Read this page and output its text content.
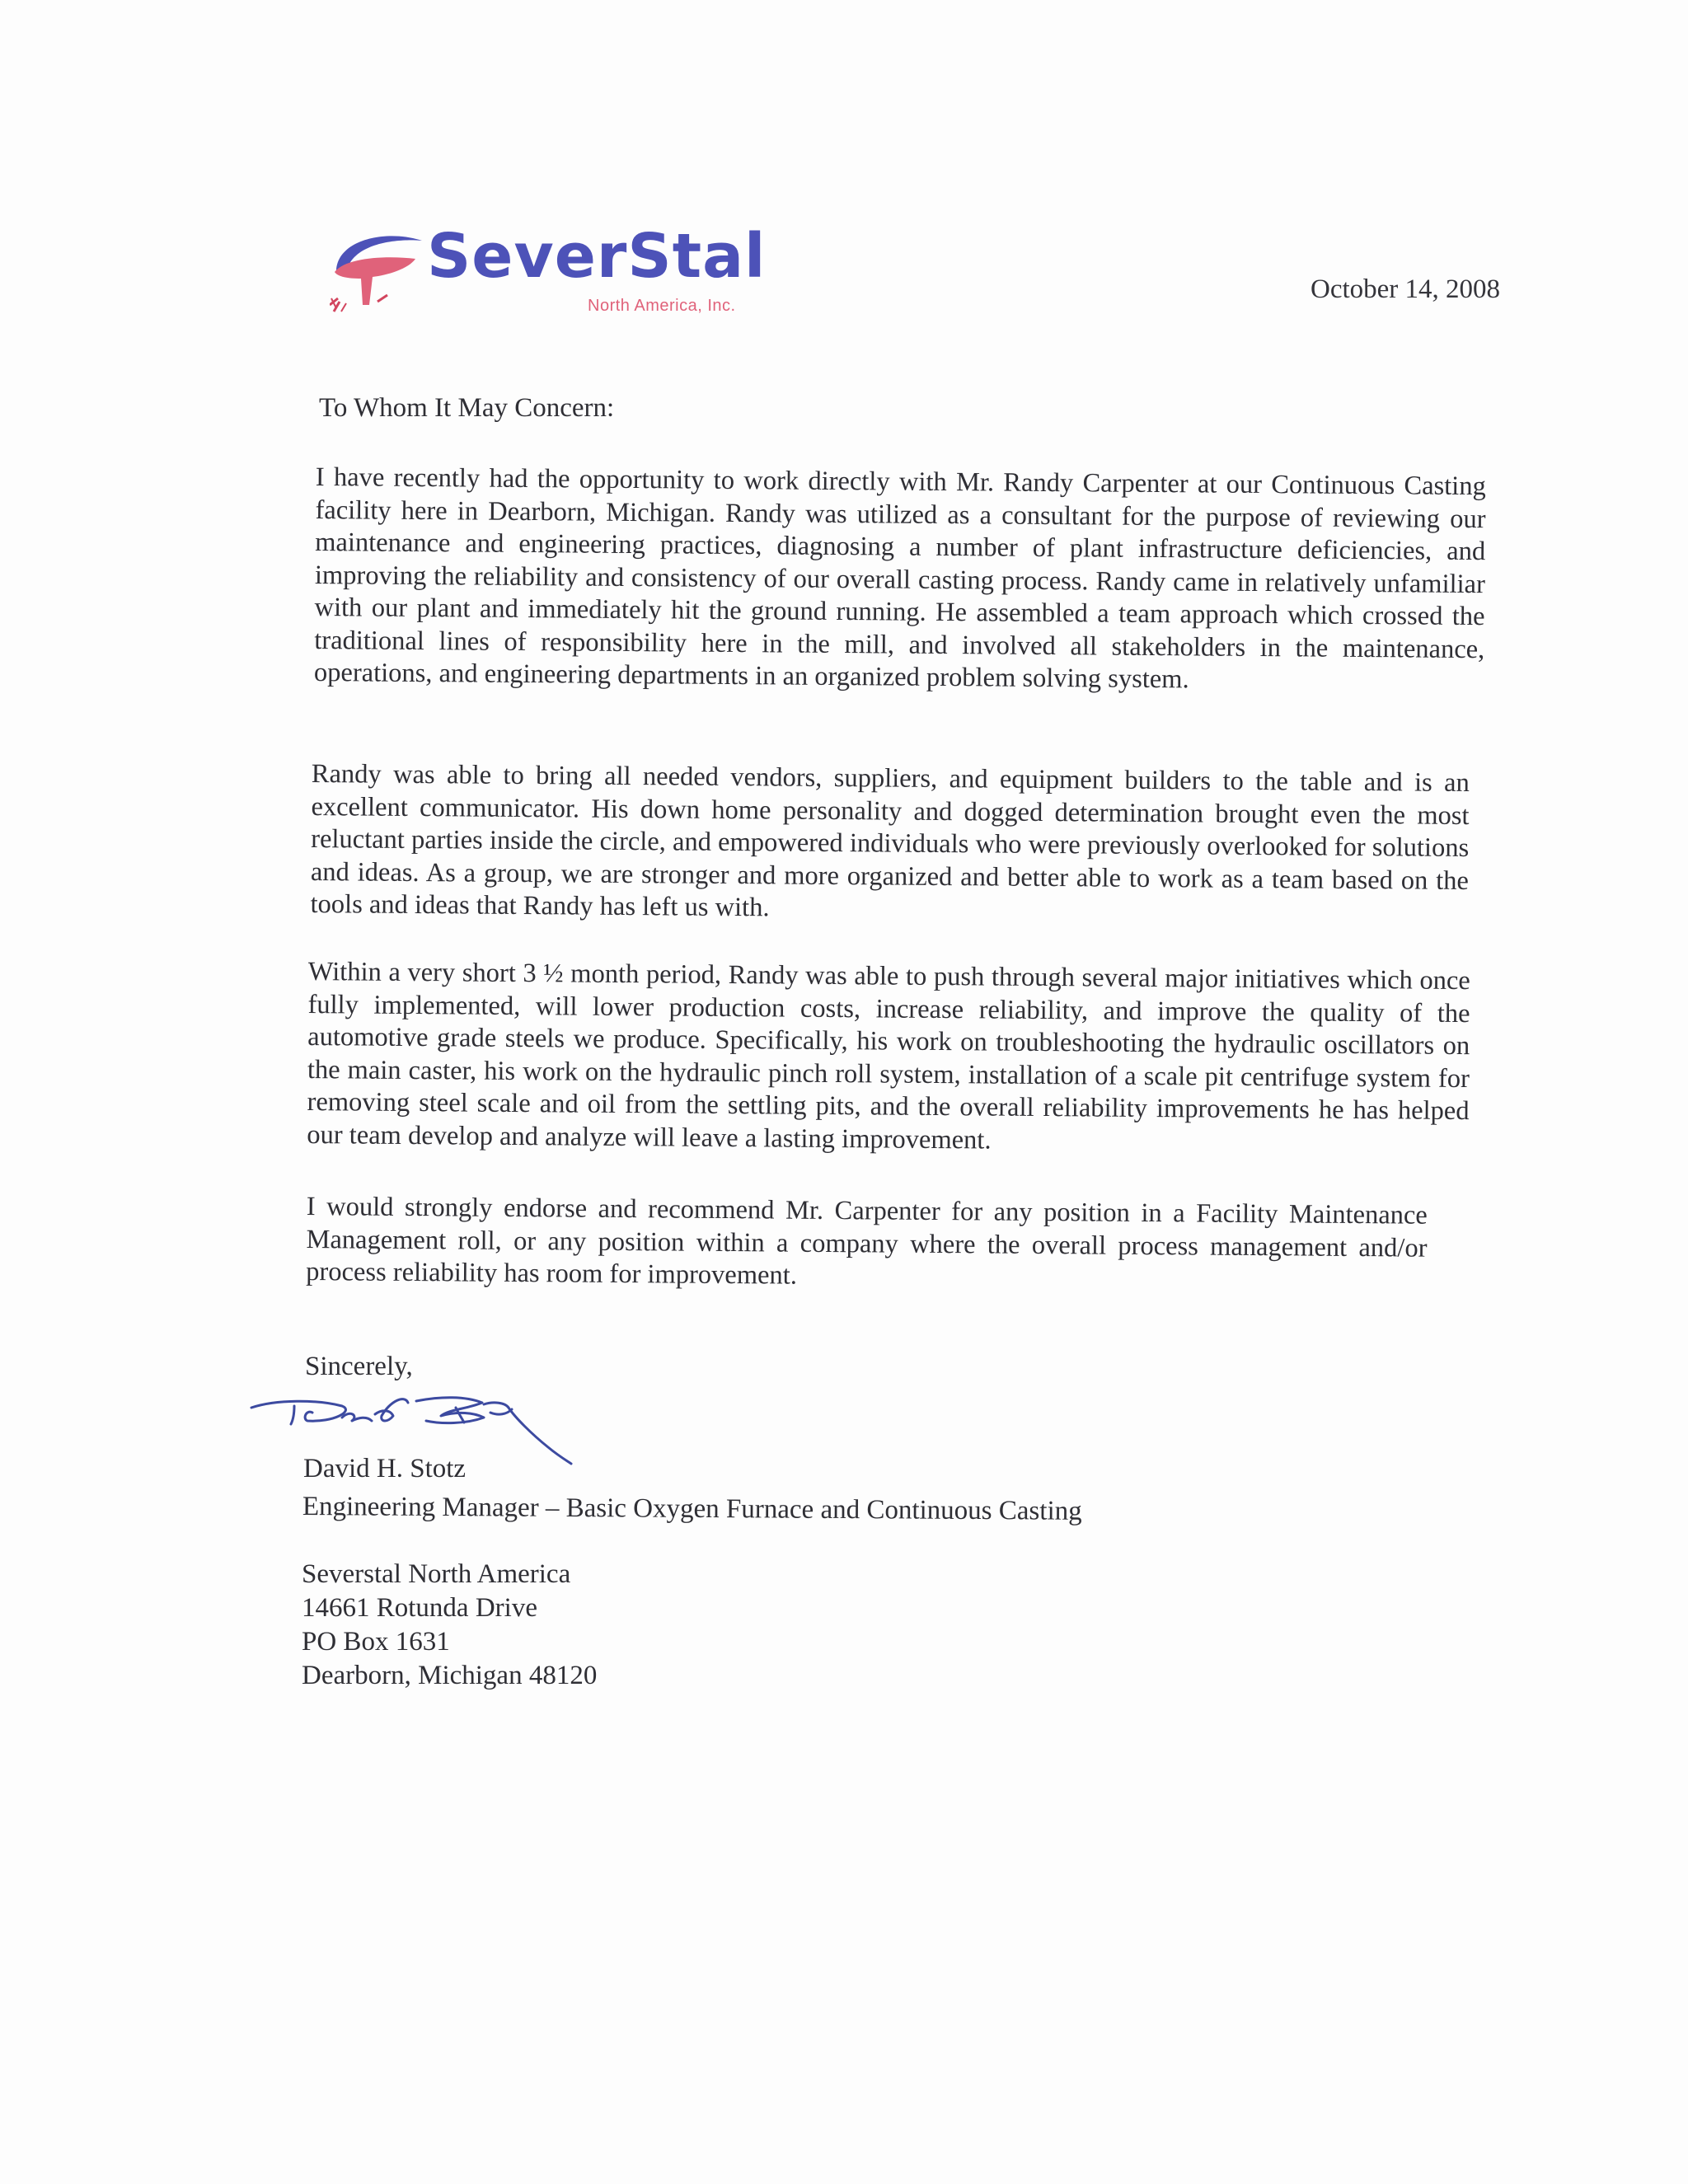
SeverStal
North America, Inc.
October 14, 2008
To Whom It May Concern:
I have recently had the opportunity to work directly with Mr. Randy Carpenter at our Continuous Casting facility here in Dearborn, Michigan. Randy was utilized as a consultant for the purpose of reviewing our maintenance and engineering practices, diagnosing a number of plant infrastructure deficiencies, and improving the reliability and consistency of our overall casting process. Randy came in relatively unfamiliar with our plant and immediately hit the ground running. He assembled a team approach which crossed the traditional lines of responsibility here in the mill, and involved all stakeholders in the maintenance, operations, and engineering departments in an organized problem solving system.
Randy was able to bring all needed vendors, suppliers, and equipment builders to the table and is an excellent communicator. His down home personality and dogged determination brought even the most reluctant parties inside the circle, and empowered individuals who were previously overlooked for solutions and ideas. As a group, we are stronger and more organized and better able to work as a team based on the tools and ideas that Randy has left us with.
Within a very short 3 ½ month period, Randy was able to push through several major initiatives which once fully implemented, will lower production costs, increase reliability, and improve the quality of the automotive grade steels we produce. Specifically, his work on troubleshooting the hydraulic oscillators on the main caster, his work on the hydraulic pinch roll system, installation of a scale pit centrifuge system for removing steel scale and oil from the settling pits, and the overall reliability improvements he has helped our team develop and analyze will leave a lasting improvement.
I would strongly endorse and recommend Mr. Carpenter for any position in a Facility Maintenance Management roll, or any position within a company where the overall process management and/or process reliability has room for improvement.
Sincerely,
David H. Stotz
Engineering Manager – Basic Oxygen Furnace and Continuous Casting
Severstal North America
14661 Rotunda Drive
PO Box 1631
Dearborn, Michigan 48120
